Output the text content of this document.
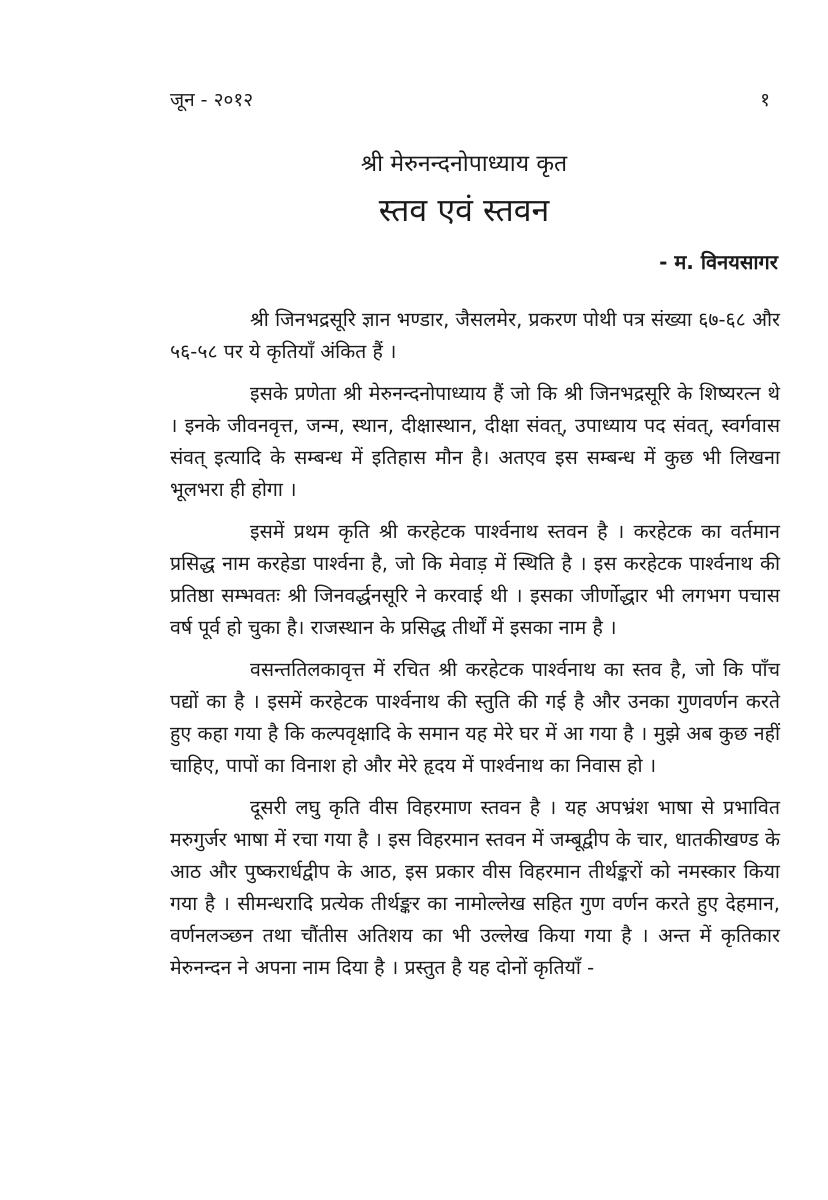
जून - २०१२	१
श्री मेरुनन्दनोपाध्याय कृत
स्तव एवं स्तवन
- म. विनयसागर

श्री जिनभद्रसूरि ज्ञान भण्डार, जैसलमेर, प्रकरण पोथी पत्र संख्या ६७-६८ और ५६-५८ पर ये कृतियाँ अंकित हैं ।

इसके प्रणेता श्री मेरुनन्दनोपाध्याय हैं जो कि श्री जिनभद्रसूरि के शिष्यरत्न थे । इनके जीवनवृत्त, जन्म, स्थान, दीक्षास्थान, दीक्षा संवत्, उपाध्याय पद संवत्, स्वर्गवास संवत् इत्यादि के सम्बन्ध में इतिहास मौन है। अतएव इस सम्बन्ध में कुछ भी लिखना भूलभरा ही होगा ।

इसमें प्रथम कृति श्री करहेटक पार्श्वनाथ स्तवन है । करहेटक का वर्तमान प्रसिद्ध नाम करहेडा पार्श्वना है, जो कि मेवाड़ में स्थिति है । इस करहेटक पार्श्वनाथ की प्रतिष्ठा सम्भवतः श्री जिनवर्द्धनसूरि ने करवाई थी । इसका जीर्णोद्धार भी लगभग पचास वर्ष पूर्व हो चुका है। राजस्थान के प्रसिद्ध तीर्थों में इसका नाम है ।

वसन्ततिलकावृत्त में रचित श्री करहेटक पार्श्वनाथ का स्तव है, जो कि पाँच पद्यों का है । इसमें करहेटक पार्श्वनाथ की स्तुति की गई है और उनका गुणवर्णन करते हुए कहा गया है कि कल्पवृक्षादि के समान यह मेरे घर में आ गया है । मुझे अब कुछ नहीं चाहिए, पापों का विनाश हो और मेरे हृदय में पार्श्वनाथ का निवास हो ।

दूसरी लघु कृति वीस विहरमाण स्तवन है । यह अपभ्रंश भाषा से प्रभावित मरुगुर्जर भाषा में रचा गया है । इस विहरमान स्तवन में जम्बूद्वीप के चार, धातकीखण्ड के आठ और पुष्करार्धद्वीप के आठ, इस प्रकार वीस विहरमान तीर्थङ्करों को नमस्कार किया गया है । सीमन्धरादि प्रत्येक तीर्थङ्कर का नामोल्लेख सहित गुण वर्णन करते हुए देहमान, वर्णनलञ्छन तथा चौंतीस अतिशय का भी उल्लेख किया गया है । अन्त में कृतिकार मेरुनन्दन ने अपना नाम दिया है । प्रस्तुत है यह दोनों कृतियाँ -
